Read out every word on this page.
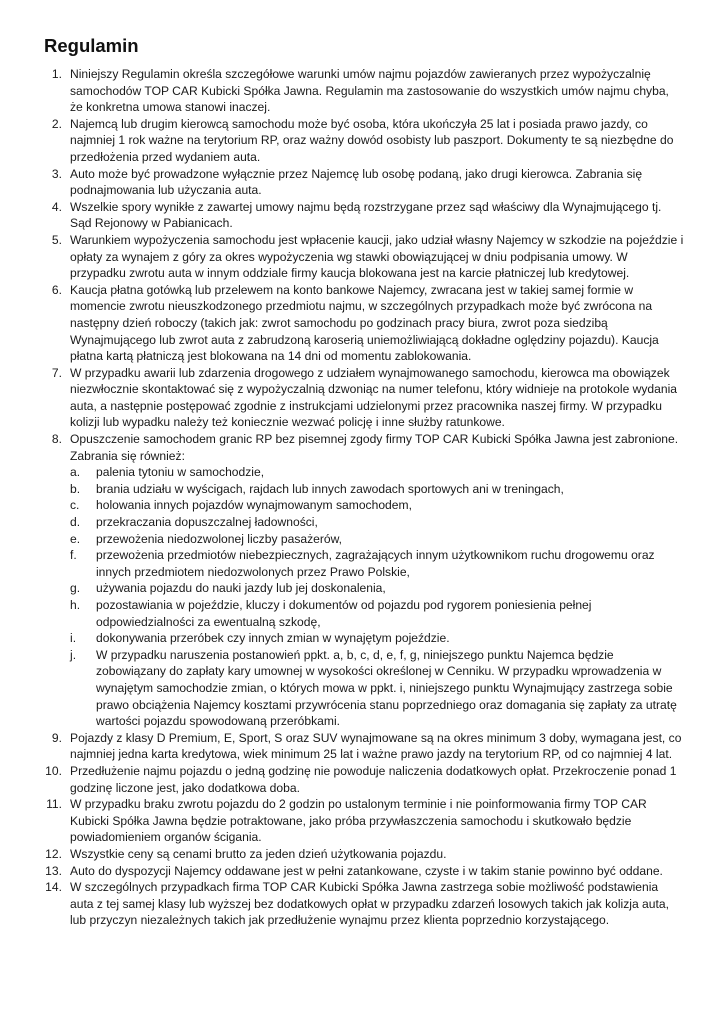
Regulamin
Niniejszy Regulamin określa szczegółowe warunki umów najmu pojazdów zawieranych przez wypożyczalnię samochodów TOP CAR Kubicki Spółka Jawna. Regulamin ma zastosowanie do wszystkich umów najmu chyba, że konkretna umowa stanowi inaczej.
Najemcą lub drugim kierowcą samochodu może być osoba, która ukończyła 25 lat i posiada prawo jazdy, co najmniej 1 rok ważne na terytorium RP, oraz ważny dowód osobisty lub paszport. Dokumenty te są niezbędne do przedłożenia przed wydaniem auta.
Auto może być prowadzone wyłącznie przez Najemcę lub osobę podaną, jako drugi kierowca. Zabrania się podnajmowania lub użyczania auta.
Wszelkie spory wynikłe z zawartej umowy najmu będą rozstrzygane przez sąd właściwy dla Wynajmującego tj. Sąd Rejonowy w Pabianicach.
Warunkiem wypożyczenia samochodu jest wpłacenie kaucji, jako udział własny Najemcy w szkodzie na pojeździe i opłaty za wynajem z góry za okres wypożyczenia wg stawki obowiązującej w dniu podpisania umowy. W przypadku zwrotu auta w innym oddziale firmy kaucja blokowana jest na karcie płatniczej lub kredytowej.
Kaucja płatna gotówką lub przelewem na konto bankowe Najemcy, zwracana jest w takiej samej formie w momencie zwrotu nieuszkodzonego przedmiotu najmu, w szczególnych przypadkach może być zwrócona na następny dzień roboczy (takich jak: zwrot samochodu po godzinach pracy biura, zwrot poza siedzibą Wynajmującego lub zwrot auta z zabrudzoną karoserią uniemożliwiającą dokładne oględziny pojazdu). Kaucja płatna kartą płatniczą jest blokowana na 14 dni od momentu zablokowania.
W przypadku awarii lub zdarzenia drogowego z udziałem wynajmowanego samochodu, kierowca ma obowiązek niezwłocznie skontaktować się z wypożyczalnią dzwoniąc na numer telefonu, który widnieje na protokole wydania auta, a następnie postępować zgodnie z instrukcjami udzielonymi przez pracownika naszej firmy. W przypadku kolizji lub wypadku należy też koniecznie wezwać policję i inne służby ratunkowe.
Opuszczenie samochodem granic RP bez pisemnej zgody firmy TOP CAR Kubicki Spółka Jawna jest zabronione. Zabrania się również:
palenia tytoniu w samochodzie,
brania udziału w wyścigach, rajdach lub innych zawodach sportowych ani w treningach,
holowania innych pojazdów wynajmowanym samochodem,
przekraczania dopuszczalnej ładowności,
przewożenia niedozwolonej liczby pasażerów,
przewożenia przedmiotów niebezpiecznych, zagrażających innym użytkownikom ruchu drogowemu oraz innych przedmiotem niedozwolonych przez Prawo Polskie,
używania pojazdu do nauki jazdy lub jej doskonalenia,
pozostawiania w pojeździe, kluczy i dokumentów od pojazdu pod rygorem poniesienia pełnej odpowiedzialności za ewentualną szkodę,
dokonywania przeróbek czy innych zmian w wynajętym pojeździe.
W przypadku naruszenia postanowień ppkt. a, b, c, d, e, f, g, niniejszego punktu Najemca będzie zobowiązany do zapłaty kary umownej w wysokości określonej w Cenniku. W przypadku wprowadzenia w wynajętym samochodzie zmian, o których mowa w ppkt. i, niniejszego punktu Wynajmujący zastrzega sobie prawo obciążenia Najemcy kosztami przywrócenia stanu poprzedniego oraz domagania się zapłaty za utratę wartości pojazdu spowodowaną przeróbkami.
Pojazdy z klasy D Premium, E, Sport, S oraz SUV wynajmowane są na okres minimum 3 doby, wymagana jest, co najmniej jedna karta kredytowa, wiek minimum 25 lat i ważne prawo jazdy na terytorium RP, od co najmniej 4 lat.
Przedłużenie najmu pojazdu o jedną godzinę nie powoduje naliczenia dodatkowych opłat. Przekroczenie ponad 1 godzinę liczone jest, jako dodatkowa doba.
W przypadku braku zwrotu pojazdu do 2 godzin po ustalonym terminie i nie poinformowania firmy TOP CAR Kubicki Spółka Jawna będzie potraktowane, jako próba przywłaszczenia samochodu i skutkowało będzie powiadomieniem organów ścigania.
Wszystkie ceny są cenami brutto za jeden dzień użytkowania pojazdu.
Auto do dyspozycji Najemcy oddawane jest w pełni zatankowane, czyste i w takim stanie powinno być oddane.
W szczególnych przypadkach firma TOP CAR Kubicki Spółka Jawna zastrzega sobie możliwość podstawienia auta z tej samej klasy lub wyższej bez dodatkowych opłat w przypadku zdarzeń losowych takich jak kolizja auta, lub przyczyn niezależnych takich jak przedłużenie wynajmu przez klienta poprzednio korzystającego.
